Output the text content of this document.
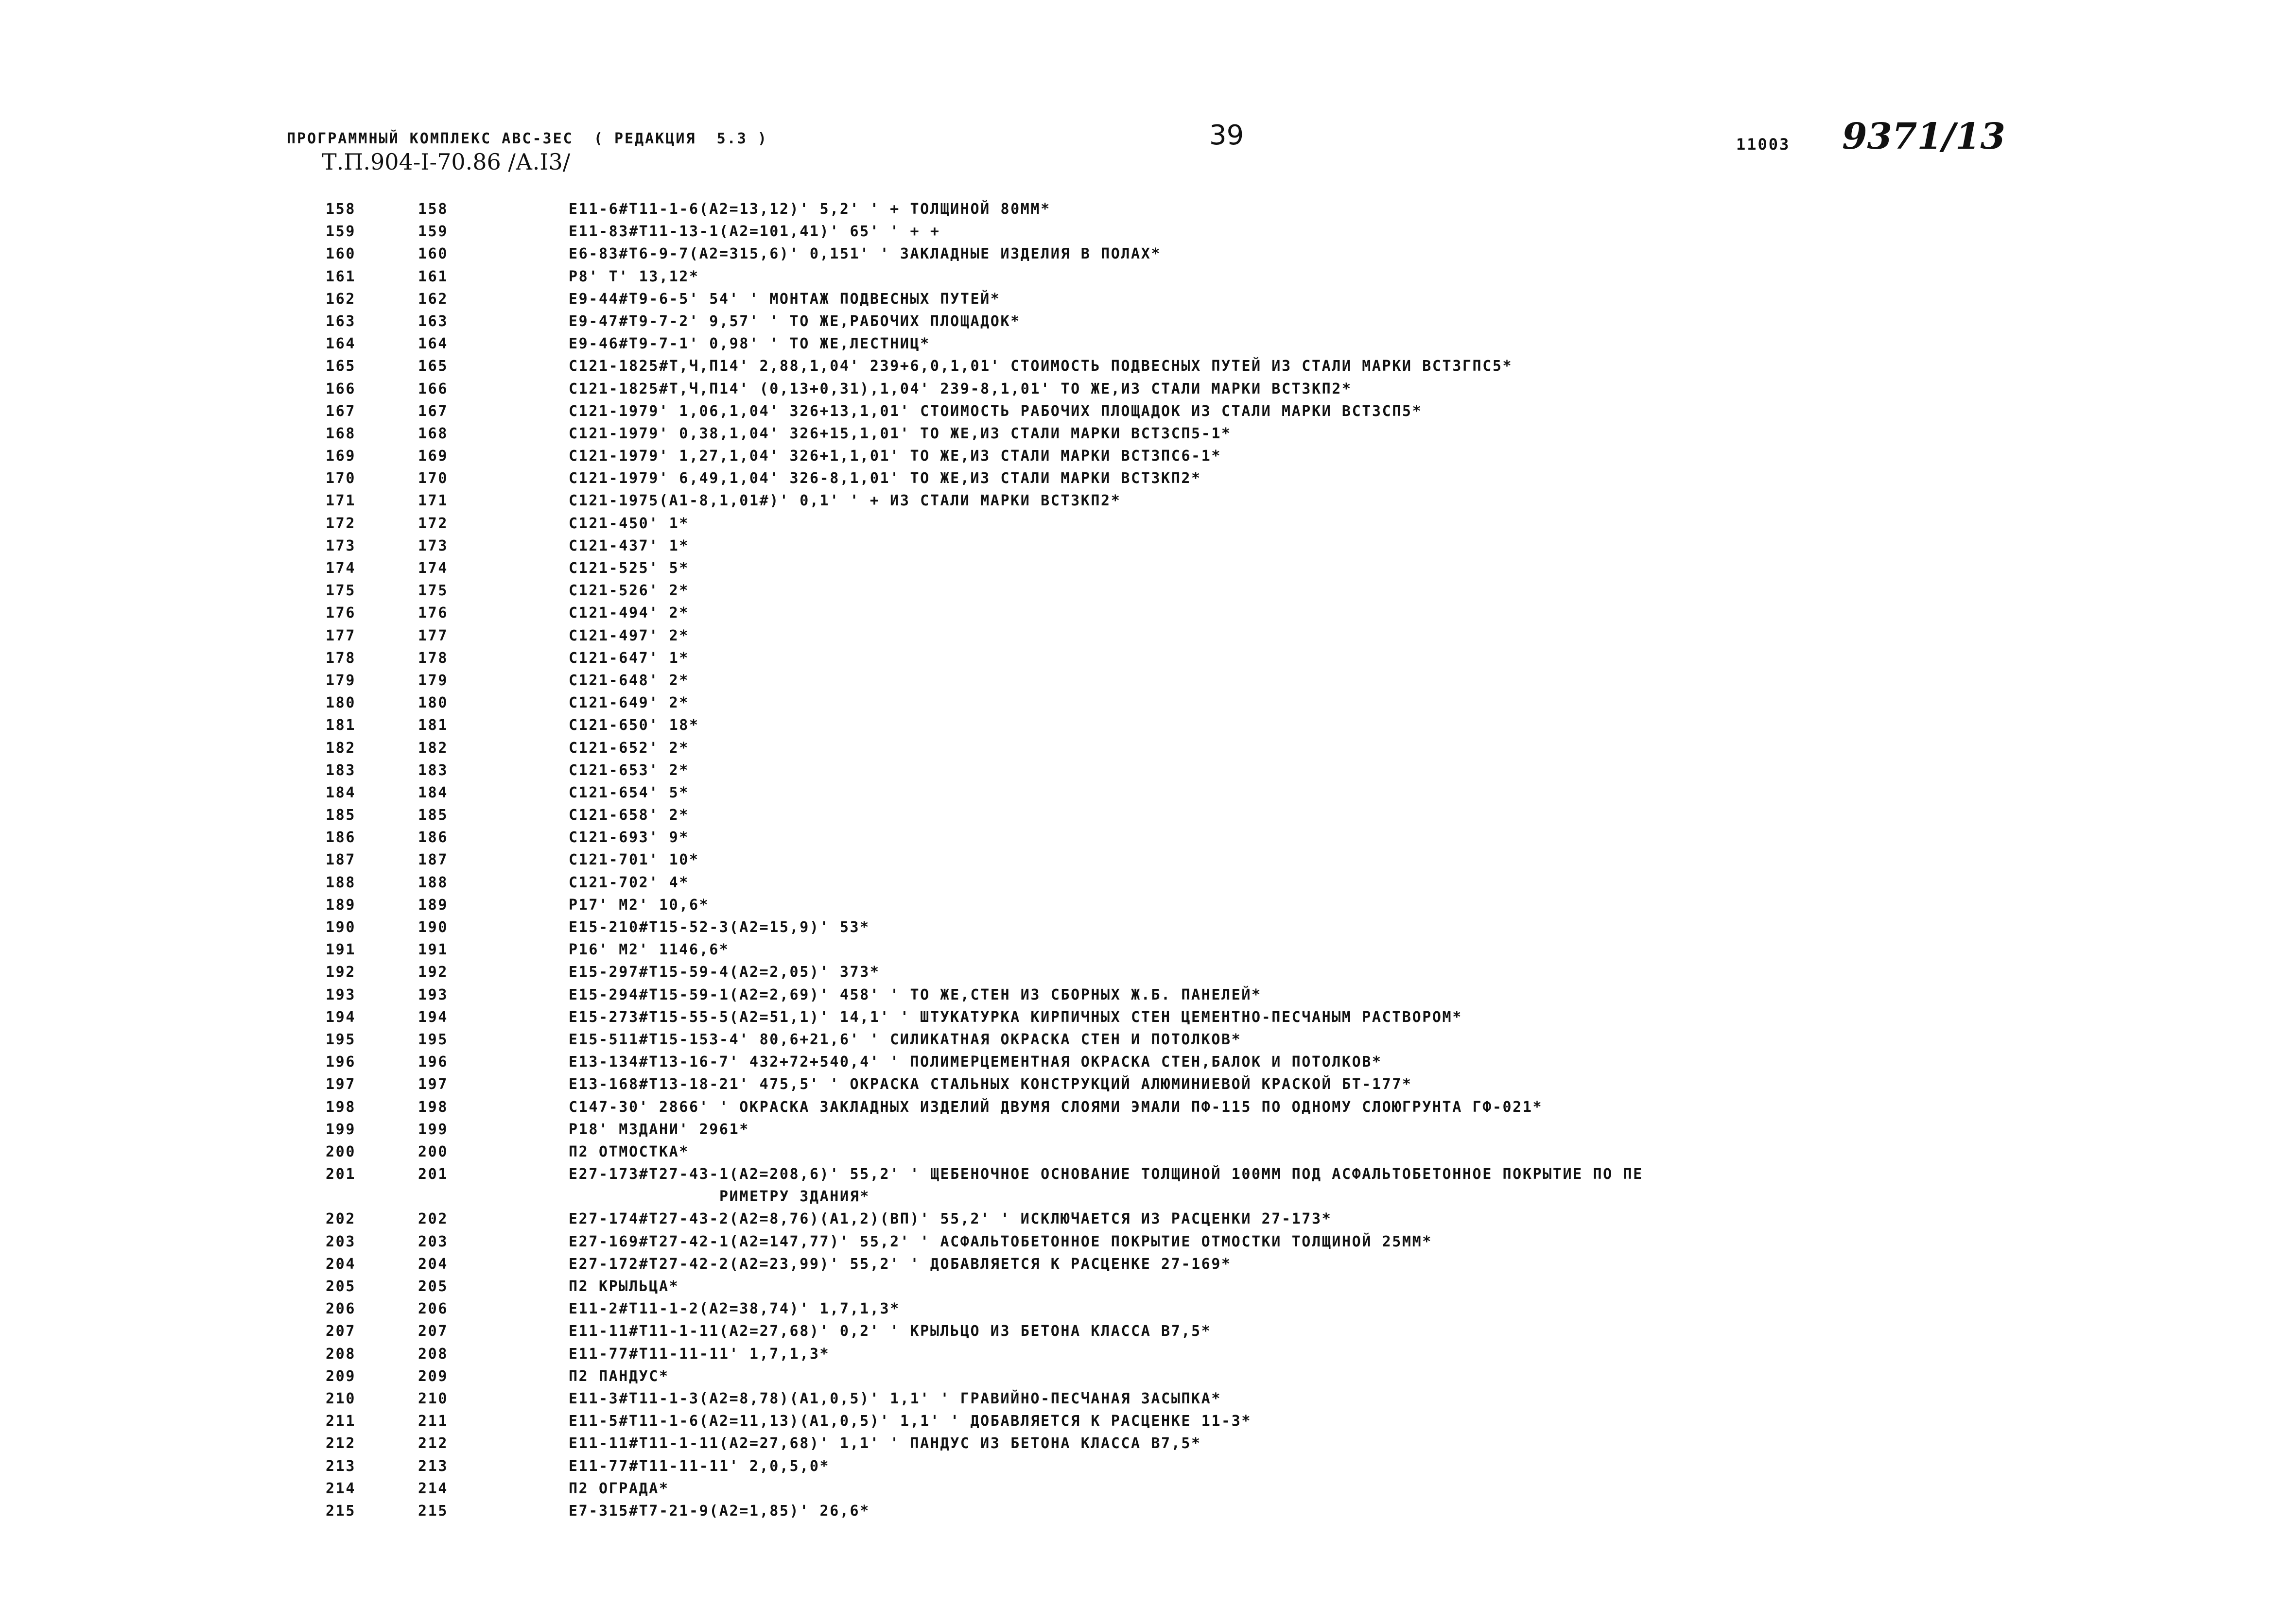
ПРОГРАММНЫЙ КОМПЛЕКС АВС-ЗЕС  ( РЕДАКЦИЯ  5.3 )	39	11003 9371/13
Т.П.904-I-70.86 /А.I3/
158	158	Е11-6#Т11-1-6(А2=13,12)' 5,2' ' + ТОЛЩИНОЙ 80ММ*
159	159	Е11-83#Т11-13-1(А2=101,41)' 65' ' + +
160	160	Е6-83#Т6-9-7(А2=315,6)' 0,151' ' ЗАКЛАДНЫЕ ИЗДЕЛИЯ В ПОЛАХ*
161	161	Р8' Т' 13,12*
162	162	Е9-44#Т9-6-5' 54' ' МОНТАЖ ПОДВЕСНЫХ ПУТЕЙ*
163	163	Е9-47#Т9-7-2' 9,57' ' ТО ЖЕ,РАБОЧИХ ПЛОЩАДОК*
164	164	Е9-46#Т9-7-1' 0,98' ' ТО ЖЕ,ЛЕСТНИЦ*
165	165	С121-1825#Т,Ч,П14' 2,88,1,04' 239+6,0,1,01' СТОИМОСТЬ ПОДВЕСНЫХ ПУТЕЙ ИЗ СТАЛИ МАРКИ ВСТЗГПС5*
166	166	С121-1825#Т,Ч,П14' (0,13+0,31),1,04' 239-8,1,01' ТО ЖЕ,ИЗ СТАЛИ МАРКИ ВСТЗКП2*
167	167	С121-1979' 1,06,1,04' 326+13,1,01' СТОИМОСТЬ РАБОЧИХ ПЛОЩАДОК ИЗ СТАЛИ МАРКИ ВСТЗСП5*
168	168	С121-1979' 0,38,1,04' 326+15,1,01' ТО ЖЕ,ИЗ СТАЛИ МАРКИ ВСТЗСП5-1*
169	169	С121-1979' 1,27,1,04' 326+1,1,01' ТО ЖЕ,ИЗ СТАЛИ МАРКИ ВСТЗПС6-1*
170	170	С121-1979' 6,49,1,04' 326-8,1,01' ТО ЖЕ,ИЗ СТАЛИ МАРКИ ВСТЗКП2*
171	171	С121-1975(А1-8,1,01#)' 0,1' ' + ИЗ СТАЛИ МАРКИ ВСТЗКП2*
172	172	С121-450' 1*
173	173	С121-437' 1*
174	174	С121-525' 5*
175	175	С121-526' 2*
176	176	С121-494' 2*
177	177	С121-497' 2*
178	178	С121-647' 1*
179	179	С121-648' 2*
180	180	С121-649' 2*
181	181	С121-650' 18*
182	182	С121-652' 2*
183	183	С121-653' 2*
184	184	С121-654' 5*
185	185	С121-658' 2*
186	186	С121-693' 9*
187	187	С121-701' 10*
188	188	С121-702' 4*
189	189	Р17' М2' 10,6*
190	190	Е15-210#Т15-52-3(А2=15,9)' 53*
191	191	Р16' М2' 1146,6*
192	192	Е15-297#Т15-59-4(А2=2,05)' 373*
193	193	Е15-294#Т15-59-1(А2=2,69)' 458' ' ТО ЖЕ,СТЕН ИЗ СБОРНЫХ Ж.Б. ПАНЕЛЕЙ*
194	194	Е15-273#Т15-55-5(А2=51,1)' 14,1' ' ШТУКАТУРКА КИРПИЧНЫХ СТЕН ЦЕМЕНТНО-ПЕСЧАНЫМ РАСТВОРОМ*
195	195	Е15-511#Т15-153-4' 80,6+21,6' ' СИЛИКАТНАЯ ОКРАСКА СТЕН И ПОТОЛКОВ*
196	196	Е13-134#Т13-16-7' 432+72+540,4' ' ПОЛИМЕРЦЕМЕНТНАЯ ОКРАСКА СТЕН,БАЛОК И ПОТОЛКОВ*
197	197	Е13-168#Т13-18-21' 475,5' ' ОКРАСКА СТАЛЬНЫХ КОНСТРУКЦИЙ АЛЮМИНИЕВОЙ КРАСКОЙ БТ-177*
198	198	С147-30' 2866' ' ОКРАСКА ЗАКЛАДНЫХ ИЗДЕЛИЙ ДВУМЯ СЛОЯМИ ЭМАЛИ ПФ-115 ПО ОДНОМУ СЛОЮГРУНТА ГФ-021*
199	199	Р18' МЗДАНИ' 2961*
200	200	П2 ОТМОСТКА*
201	201	Е27-173#Т27-43-1(А2=208,6)' 55,2' ' ЩЕБЕНОЧНОЕ ОСНОВАНИЕ ТОЛЩИНОЙ 100ММ ПОД АСФАЛЬТОБЕТОННОЕ ПОКРЫТИЕ ПО ПЕ
РИМЕТРУ ЗДАНИЯ*
202	202	Е27-174#Т27-43-2(А2=8,76)(А1,2)(ВП)' 55,2' ' ИСКЛЮЧАЕТСЯ ИЗ РАСЦЕНКИ 27-173*
203	203	Е27-169#Т27-42-1(А2=147,77)' 55,2' ' АСФАЛЬТОБЕТОННОЕ ПОКРЫТИЕ ОТМОСТКИ ТОЛЩИНОЙ 25ММ*
204	204	Е27-172#Т27-42-2(А2=23,99)' 55,2' ' ДОБАВЛЯЕТСЯ К РАСЦЕНКЕ 27-169*
205	205	П2 КРЫЛЬЦА*
206	206	Е11-2#Т11-1-2(А2=38,74)' 1,7,1,3*
207	207	Е11-11#Т11-1-11(А2=27,68)' 0,2' ' КРЫЛЬЦО ИЗ БЕТОНА КЛАССА В7,5*
208	208	Е11-77#Т11-11-11' 1,7,1,3*
209	209	П2 ПАНДУС*
210	210	Е11-3#Т11-1-3(А2=8,78)(А1,0,5)' 1,1' ' ГРАВИЙНО-ПЕСЧАНАЯ ЗАСЫПКА*
211	211	Е11-5#Т11-1-6(А2=11,13)(А1,0,5)' 1,1' ' ДОБАВЛЯЕТСЯ К РАСЦЕНКЕ 11-3*
212	212	Е11-11#Т11-1-11(А2=27,68)' 1,1' ' ПАНДУС ИЗ БЕТОНА КЛАССА В7,5*
213	213	Е11-77#Т11-11-11' 2,0,5,0*
214	214	П2 ОГРАДА*
215	215	Е7-315#Т7-21-9(А2=1,85)' 26,6*
